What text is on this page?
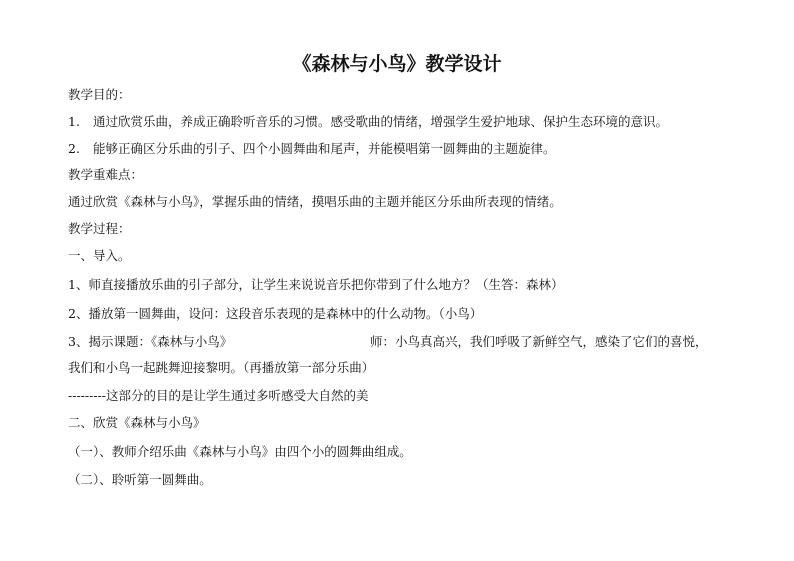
《森林与小鸟》教学设计
教学目的：
1. 通过欣赏乐曲，养成正确聆听音乐的习惯。感受歌曲的情绪，增强学生爱护地球、保护生态环境的意识。
2. 能够正确区分乐曲的引子、四个小圆舞曲和尾声，并能模唱第一圆舞曲的主题旋律。
教学重难点：
通过欣赏《森林与小鸟》，掌握乐曲的情绪，摸唱乐曲的主题并能区分乐曲所表现的情绪。
教学过程：
一、导入。
1、师直接播放乐曲的引子部分，让学生来说说音乐把你带到了什么地方？（生答：森林）
2、播放第一圆舞曲，设问：这段音乐表现的是森林中的什么动物。（小鸟）
3、揭示课题：《森林与小鸟》	师：小鸟真高兴，我们呼吸了新鲜空气，感染了它们的喜悦，
我们和小鸟一起跳舞迎接黎明。（再播放第一部分乐曲）
---------这部分的目的是让学生通过多听感受大自然的美
二、欣赏《森林与小鸟》
（一）、教师介绍乐曲《森林与小鸟》由四个小的圆舞曲组成。
（二）、聆听第一圆舞曲。
